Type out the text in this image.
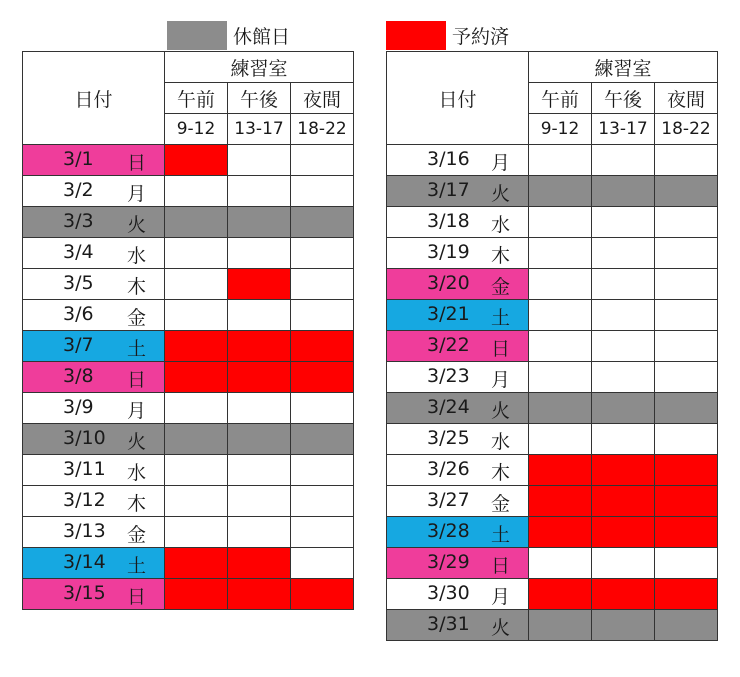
休館日	予約済
日付	練習室		
	午前	午後	夜間
	9-12	13-17	18-22

3/1 日			

3/2 月			

3/3 火			

3/4 水			

3/5 木			

3/6 金			

3/7 土			

3/8 日			

3/9 月			

3/10 火			

3/11 水			

3/12 木			

3/13 金			

3/14 土			

3/15 日			

日付	練習室		
	午前	午後	夜間
	9-12	13-17	18-22

3/16 月			

3/17 火			

3/18 水			

3/19 木			

3/20 金			

3/21 土			

3/22 日			

3/23 月			

3/24 火			

3/25 水			

3/26 木			

3/27 金			

3/28 土			

3/29 日			

3/30 月			

3/31 火			
